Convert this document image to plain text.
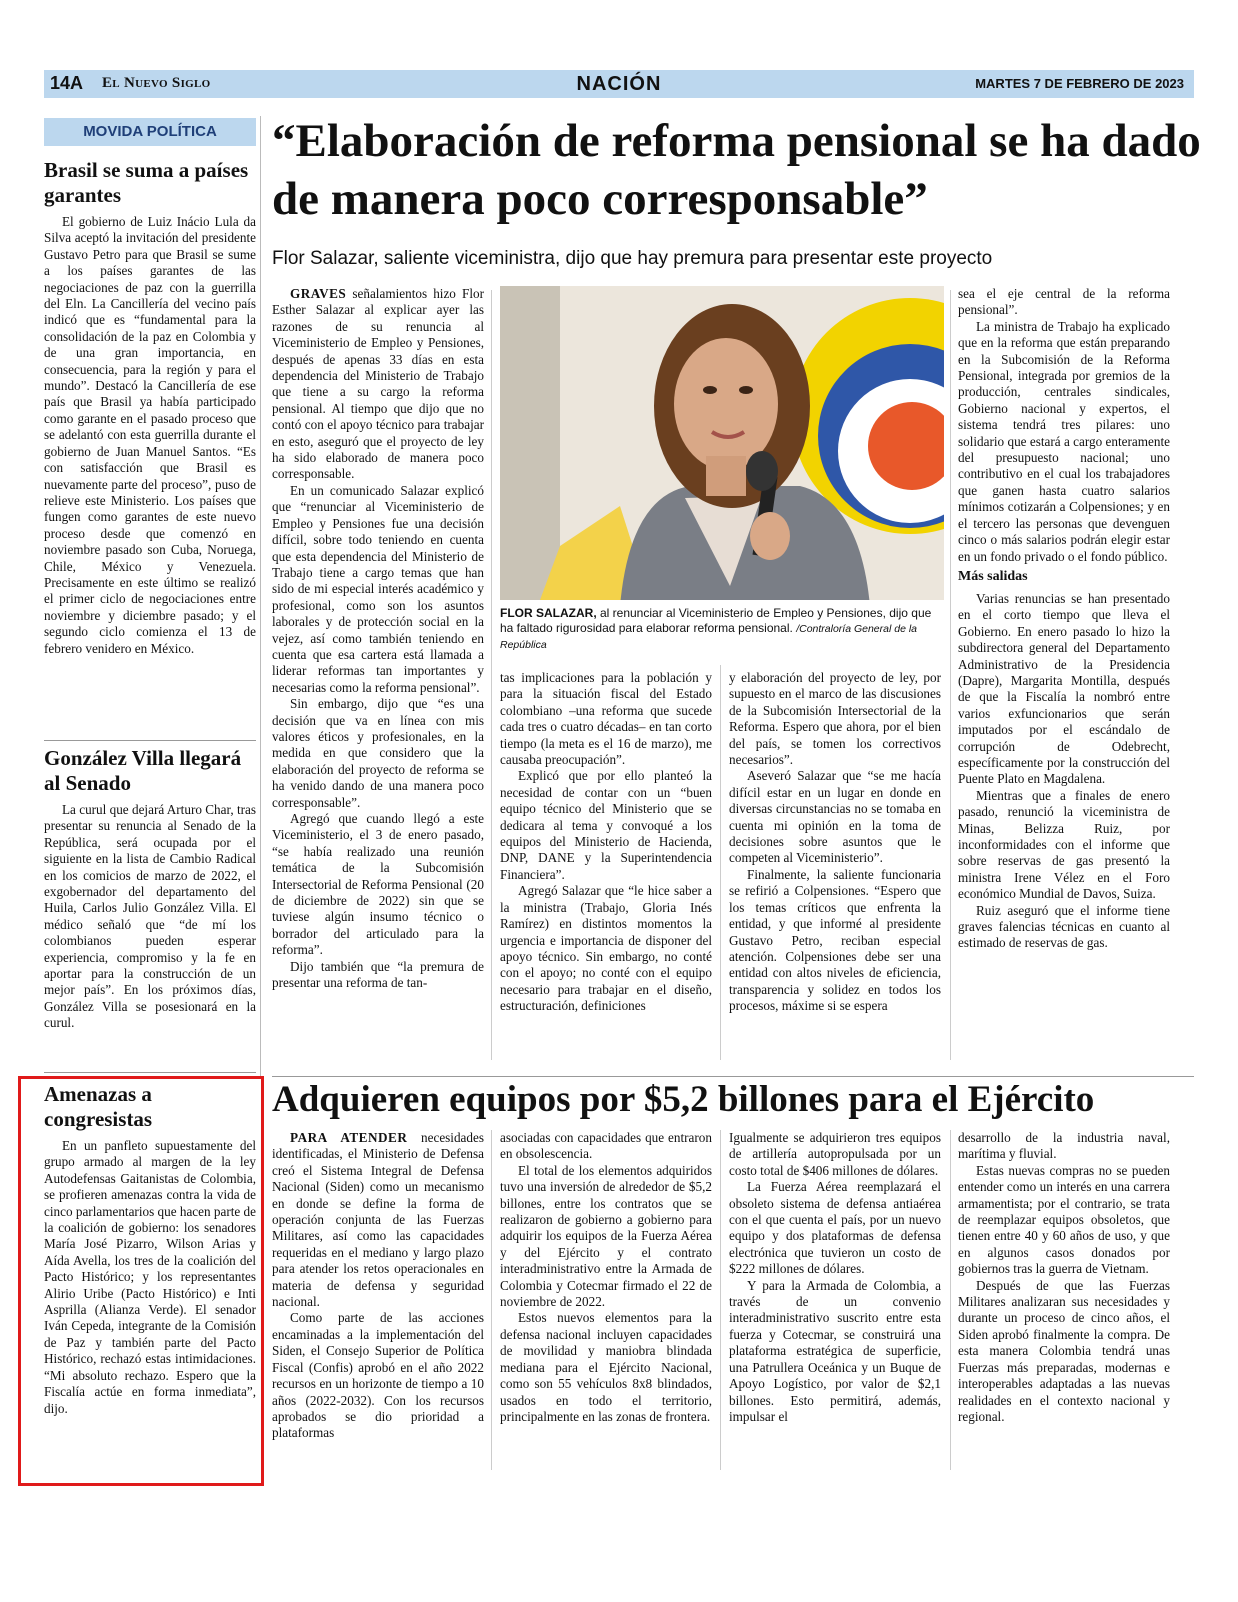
14A El Nuevo Siglo	NACIÓN	MARTES 7 DE FEBRERO DE 2023
MOVIDA POLÍTICA
Brasil se suma a países garantes

El gobierno de Luiz Inácio Lula da Silva aceptó la invitación del presidente Gustavo Petro para que Brasil se sume a los países garantes de las negociaciones de paz con la guerrilla del Eln. La Cancillería del vecino país indicó que es “fundamental para la consolidación de la paz en Colombia y de una gran importancia, en consecuencia, para la región y para el mundo”. Destacó la Cancillería de ese país que Brasil ya había participado como garante en el pasado proceso que se adelantó con esta guerrilla durante el gobierno de Juan Manuel Santos. “Es con satisfacción que Brasil es nuevamente parte del proceso”, puso de relieve este Ministerio. Los países que fungen como garantes de este nuevo proceso desde que comenzó en noviembre pasado son Cuba, Noruega, Chile, México y Venezuela. Precisamente en este último se realizó el primer ciclo de negociaciones entre noviembre y diciembre pasado; y el segundo ciclo comienza el 13 de febrero venidero en México.

González Villa llegará al Senado

La curul que dejará Arturo Char, tras presentar su renuncia al Senado de la República, será ocupada por el siguiente en la lista de Cambio Radical en los comicios de marzo de 2022, el exgobernador del departamento del Huila, Carlos Julio González Villa. El médico señaló que “de mí los colombianos pueden esperar experiencia, compromiso y la fe en aportar para la construcción de un mejor país”. En los próximos días, González Villa se posesionará en la curul.

Amenazas a congresistas

En un panfleto supuestamente del grupo armado al margen de la ley Autodefensas Gaitanistas de Colombia, se profieren amenazas contra la vida de cinco parlamentarios que hacen parte de la coalición de gobierno: los senadores María José Pizarro, Wilson Arias y Aída Avella, los tres de la coalición del Pacto Histórico; y los representantes Alirio Uribe (Pacto Histórico) e Inti Asprilla (Alianza Verde). El senador Iván Cepeda, integrante de la Comisión de Paz y también parte del Pacto Histórico, rechazó estas intimidaciones. “Mi absoluto rechazo. Espero que la Fiscalía actúe en forma inmediata”, dijo.

“Elaboración de reforma pensional se ha dado de manera poco corresponsable”

Flor Salazar, saliente viceministra, dijo que hay premura para presentar este proyecto

GRAVES señalamientos hizo Flor Esther Salazar al explicar ayer las razones de su renuncia al Viceministerio de Empleo y Pensiones, después de apenas 33 días en esta dependencia del Ministerio de Trabajo que tiene a su cargo la reforma pensional. Al tiempo que dijo que no contó con el apoyo técnico para trabajar en esto, aseguró que el proyecto de ley ha sido elaborado de manera poco corresponsable.

En un comunicado Salazar explicó que “renunciar al Viceministerio de Empleo y Pensiones fue una decisión difícil, sobre todo teniendo en cuenta que esta dependencia del Ministerio de Trabajo tiene a cargo temas que han sido de mi especial interés académico y profesional, como son los asuntos laborales y de protección social en la vejez, así como también teniendo en cuenta que esa cartera está llamada a liderar reformas tan importantes y necesarias como la reforma pensional”.

Sin embargo, dijo que “es una decisión que va en línea con mis valores éticos y profesionales, en la medida en que considero que la elaboración del proyecto de reforma se ha venido dando de una manera poco corresponsable”.

Agregó que cuando llegó a este Viceministerio, el 3 de enero pasado, “se había realizado una reunión temática de la Subcomisión Intersectorial de Reforma Pensional (20 de diciembre de 2022) sin que se tuviese algún insumo técnico o borrador del articulado para la reforma”.

Dijo también que “la premura de presentar una reforma de tan-

FLOR SALAZAR, al renunciar al Viceministerio de Empleo y Pensiones, dijo que ha faltado rigurosidad para elaborar reforma pensional. /Contraloría General de la República

tas implicaciones para la población y para la situación fiscal del Estado colombiano –una reforma que sucede cada tres o cuatro décadas– en tan corto tiempo (la meta es el 16 de marzo), me causaba preocupación”.

Explicó que por ello planteó la necesidad de contar con un “buen equipo técnico del Ministerio que se dedicara al tema y convoqué a los equipos del Ministerio de Hacienda, DNP, DANE y la Superintendencia Financiera”.

Agregó Salazar que “le hice saber a la ministra (Trabajo, Gloria Inés Ramírez) en distintos momentos la urgencia e importancia de disponer del apoyo técnico. Sin embargo, no conté con el apoyo; no conté con el equipo necesario para trabajar en el diseño, estructuración, definiciones

y elaboración del proyecto de ley, por supuesto en el marco de las discusiones de la Subcomisión Intersectorial de la Reforma. Espero que ahora, por el bien del país, se tomen los correctivos necesarios”.

Aseveró Salazar que “se me hacía difícil estar en un lugar en donde en diversas circunstancias no se tomaba en cuenta mi opinión en la toma de decisiones sobre asuntos que le competen al Viceministerio”.

Finalmente, la saliente funcionaria se refirió a Colpensiones. “Espero que los temas críticos que enfrenta la entidad, y que informé al presidente Gustavo Petro, reciban especial atención. Colpensiones debe ser una entidad con altos niveles de eficiencia, transparencia y solidez en todos los procesos, máxime si se espera

sea el eje central de la reforma pensional”.

La ministra de Trabajo ha explicado que en la reforma que están preparando en la Subcomisión de la Reforma Pensional, integrada por gremios de la producción, centrales sindicales, Gobierno nacional y expertos, el sistema tendrá tres pilares: uno solidario que estará a cargo enteramente del presupuesto nacional; uno contributivo en el cual los trabajadores que ganen hasta cuatro salarios mínimos cotizarán a Colpensiones; y en el tercero las personas que devenguen cinco o más salarios podrán elegir estar en un fondo privado o el fondo público.

Más salidas

Varias renuncias se han presentado en el corto tiempo que lleva el Gobierno. En enero pasado lo hizo la subdirectora general del Departamento Administrativo de la Presidencia (Dapre), Margarita Montilla, después de que la Fiscalía la nombró entre varios exfuncionarios que serán imputados por el escándalo de corrupción de Odebrecht, específicamente por la construcción del Puente Plato en Magdalena.

Mientras que a finales de enero pasado, renunció la viceministra de Minas, Belizza Ruiz, por inconformidades con el informe que sobre reservas de gas presentó la ministra Irene Vélez en el Foro económico Mundial de Davos, Suiza.

Ruiz aseguró que el informe tiene graves falencias técnicas en cuanto al estimado de reservas de gas.

Adquieren equipos por $5,2 billones para el Ejército

PARA ATENDER necesidades identificadas, el Ministerio de Defensa creó el Sistema Integral de Defensa Nacional (Siden) como un mecanismo en donde se define la forma de operación conjunta de las Fuerzas Militares, así como las capacidades requeridas en el mediano y largo plazo para atender los retos operacionales en materia de defensa y seguridad nacional.

Como parte de las acciones encaminadas a la implementación del Siden, el Consejo Superior de Política Fiscal (Confis) aprobó en el año 2022 recursos en un horizonte de tiempo a 10 años (2022-2032). Con los recursos aprobados se dio prioridad a plataformas

asociadas con capacidades que entraron en obsolescencia.

El total de los elementos adquiridos tuvo una inversión de alrededor de $5,2 billones, entre los contratos que se realizaron de gobierno a gobierno para adquirir los equipos de la Fuerza Aérea y del Ejército y el contrato interadministrativo entre la Armada de Colombia y Cotecmar firmado el 22 de noviembre de 2022.

Estos nuevos elementos para la defensa nacional incluyen capacidades de movilidad y maniobra blindada mediana para el Ejército Nacional, como son 55 vehículos 8x8 blindados, usados en todo el territorio, principalmente en las zonas de frontera.

Igualmente se adquirieron tres equipos de artillería autopropulsada por un costo total de $406 millones de dólares.

La Fuerza Aérea reemplazará el obsoleto sistema de defensa antiaérea con el que cuenta el país, por un nuevo equipo y dos plataformas de defensa electrónica que tuvieron un costo de $222 millones de dólares.

Y para la Armada de Colombia, a través de un convenio interadministrativo suscrito entre esta fuerza y Cotecmar, se construirá una plataforma estratégica de superficie, una Patrullera Oceánica y un Buque de Apoyo Logístico, por valor de $2,1 billones. Esto permitirá, además, impulsar el

desarrollo de la industria naval, marítima y fluvial.

Estas nuevas compras no se pueden entender como un interés en una carrera armamentista; por el contrario, se trata de reemplazar equipos obsoletos, que tienen entre 40 y 60 años de uso, y que en algunos casos donados por gobiernos tras la guerra de Vietnam.

Después de que las Fuerzas Militares analizaran sus necesidades y durante un proceso de cinco años, el Siden aprobó finalmente la compra. De esta manera Colombia tendrá unas Fuerzas más preparadas, modernas e interoperables adaptadas a las nuevas realidades en el contexto nacional y regional.
